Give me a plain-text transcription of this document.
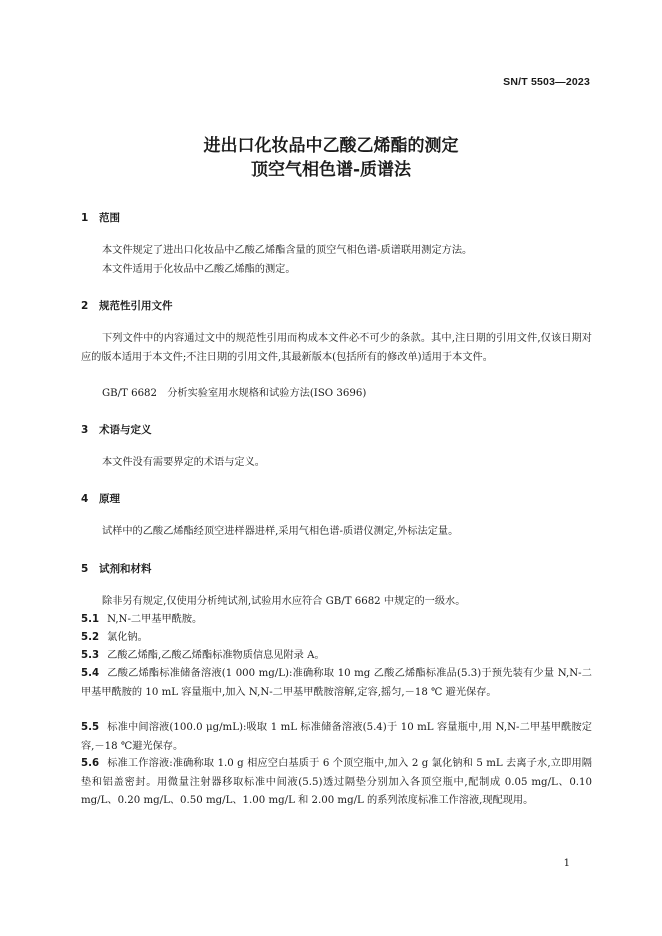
SN/T 5503—2023
进出口化妆品中乙酸乙烯酯的测定
顶空气相色谱-质谱法
1 范围
本文件规定了进出口化妆品中乙酸乙烯酯含量的顶空气相色谱-质谱联用测定方法。
本文件适用于化妆品中乙酸乙烯酯的测定。
2 规范性引用文件
下列文件中的内容通过文中的规范性引用而构成本文件必不可少的条款。其中,注日期的引用文件,仅该日期对应的版本适用于本文件;不注日期的引用文件,其最新版本(包括所有的修改单)适用于本文件。
GB/T 6682　分析实验室用水规格和试验方法(ISO 3696)
3 术语与定义
本文件没有需要界定的术语与定义。
4 原理
试样中的乙酸乙烯酯经顶空进样器进样,采用气相色谱-质谱仪测定,外标法定量。
5 试剂和材料
除非另有规定,仅使用分析纯试剂,试验用水应符合 GB/T 6682 中规定的一级水。
5.1 N,N-二甲基甲酰胺。
5.2 氯化钠。
5.3 乙酸乙烯酯,乙酸乙烯酯标准物质信息见附录 A。
5.4 乙酸乙烯酯标准储备溶液(1 000 mg/L):准确称取 10 mg 乙酸乙烯酯标准品(5.3)于预先装有少量 N,N-二甲基甲酰胺的 10 mL 容量瓶中,加入 N,N-二甲基甲酰胺溶解,定容,摇匀,－18 ℃ 避光保存。
5.5 标准中间溶液(100.0 μg/mL):吸取 1 mL 标准储备溶液(5.4)于 10 mL 容量瓶中,用 N,N-二甲基甲酰胺定容,－18 ℃避光保存。
5.6 标准工作溶液:准确称取 1.0 g 相应空白基质于 6 个顶空瓶中,加入 2 g 氯化钠和 5 mL 去离子水,立即用隔垫和铝盖密封。用微量注射器移取标准中间液(5.5)透过隔垫分别加入各顶空瓶中,配制成 0.05 mg/L、0.10 mg/L、0.20 mg/L、0.50 mg/L、1.00 mg/L 和 2.00 mg/L 的系列浓度标准工作溶液,现配现用。
1
